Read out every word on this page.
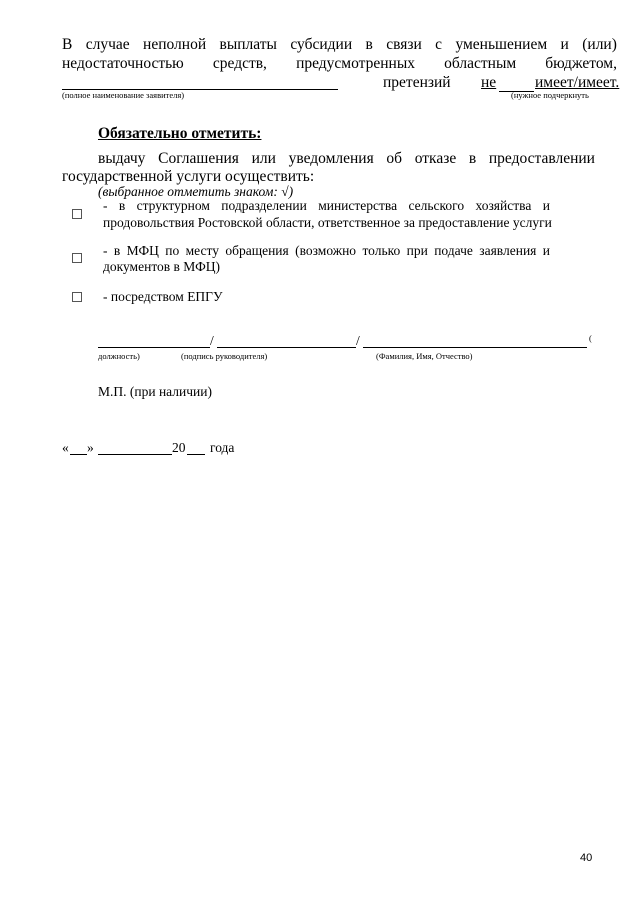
В случае неполной выплаты субсидии в связи с уменьшением и (или)
недостаточностью средств, предусмотренных областным бюджетом,
претензий не	имеет/имеет.
(полное наименование заявителя)	(нужное подчеркнуть
Обязательно отметить:
выдачу Соглашения или уведомления об отказе в предоставлении
государственной услуги осуществить:
(выбранное отметить знаком: √)
- в структурном подразделении министерства сельского хозяйства и
продовольствия Ростовской области, ответственное за предоставление услуги
- в МФЦ по месту обращения (возможно только при подаче заявления и
документов в МФЦ)
- посредством ЕПГУ
/	/	(
должность)	(подпись руководителя)	(Фамилия, Имя, Отчество)
М.П. (при наличии)
« »	20 года
40
